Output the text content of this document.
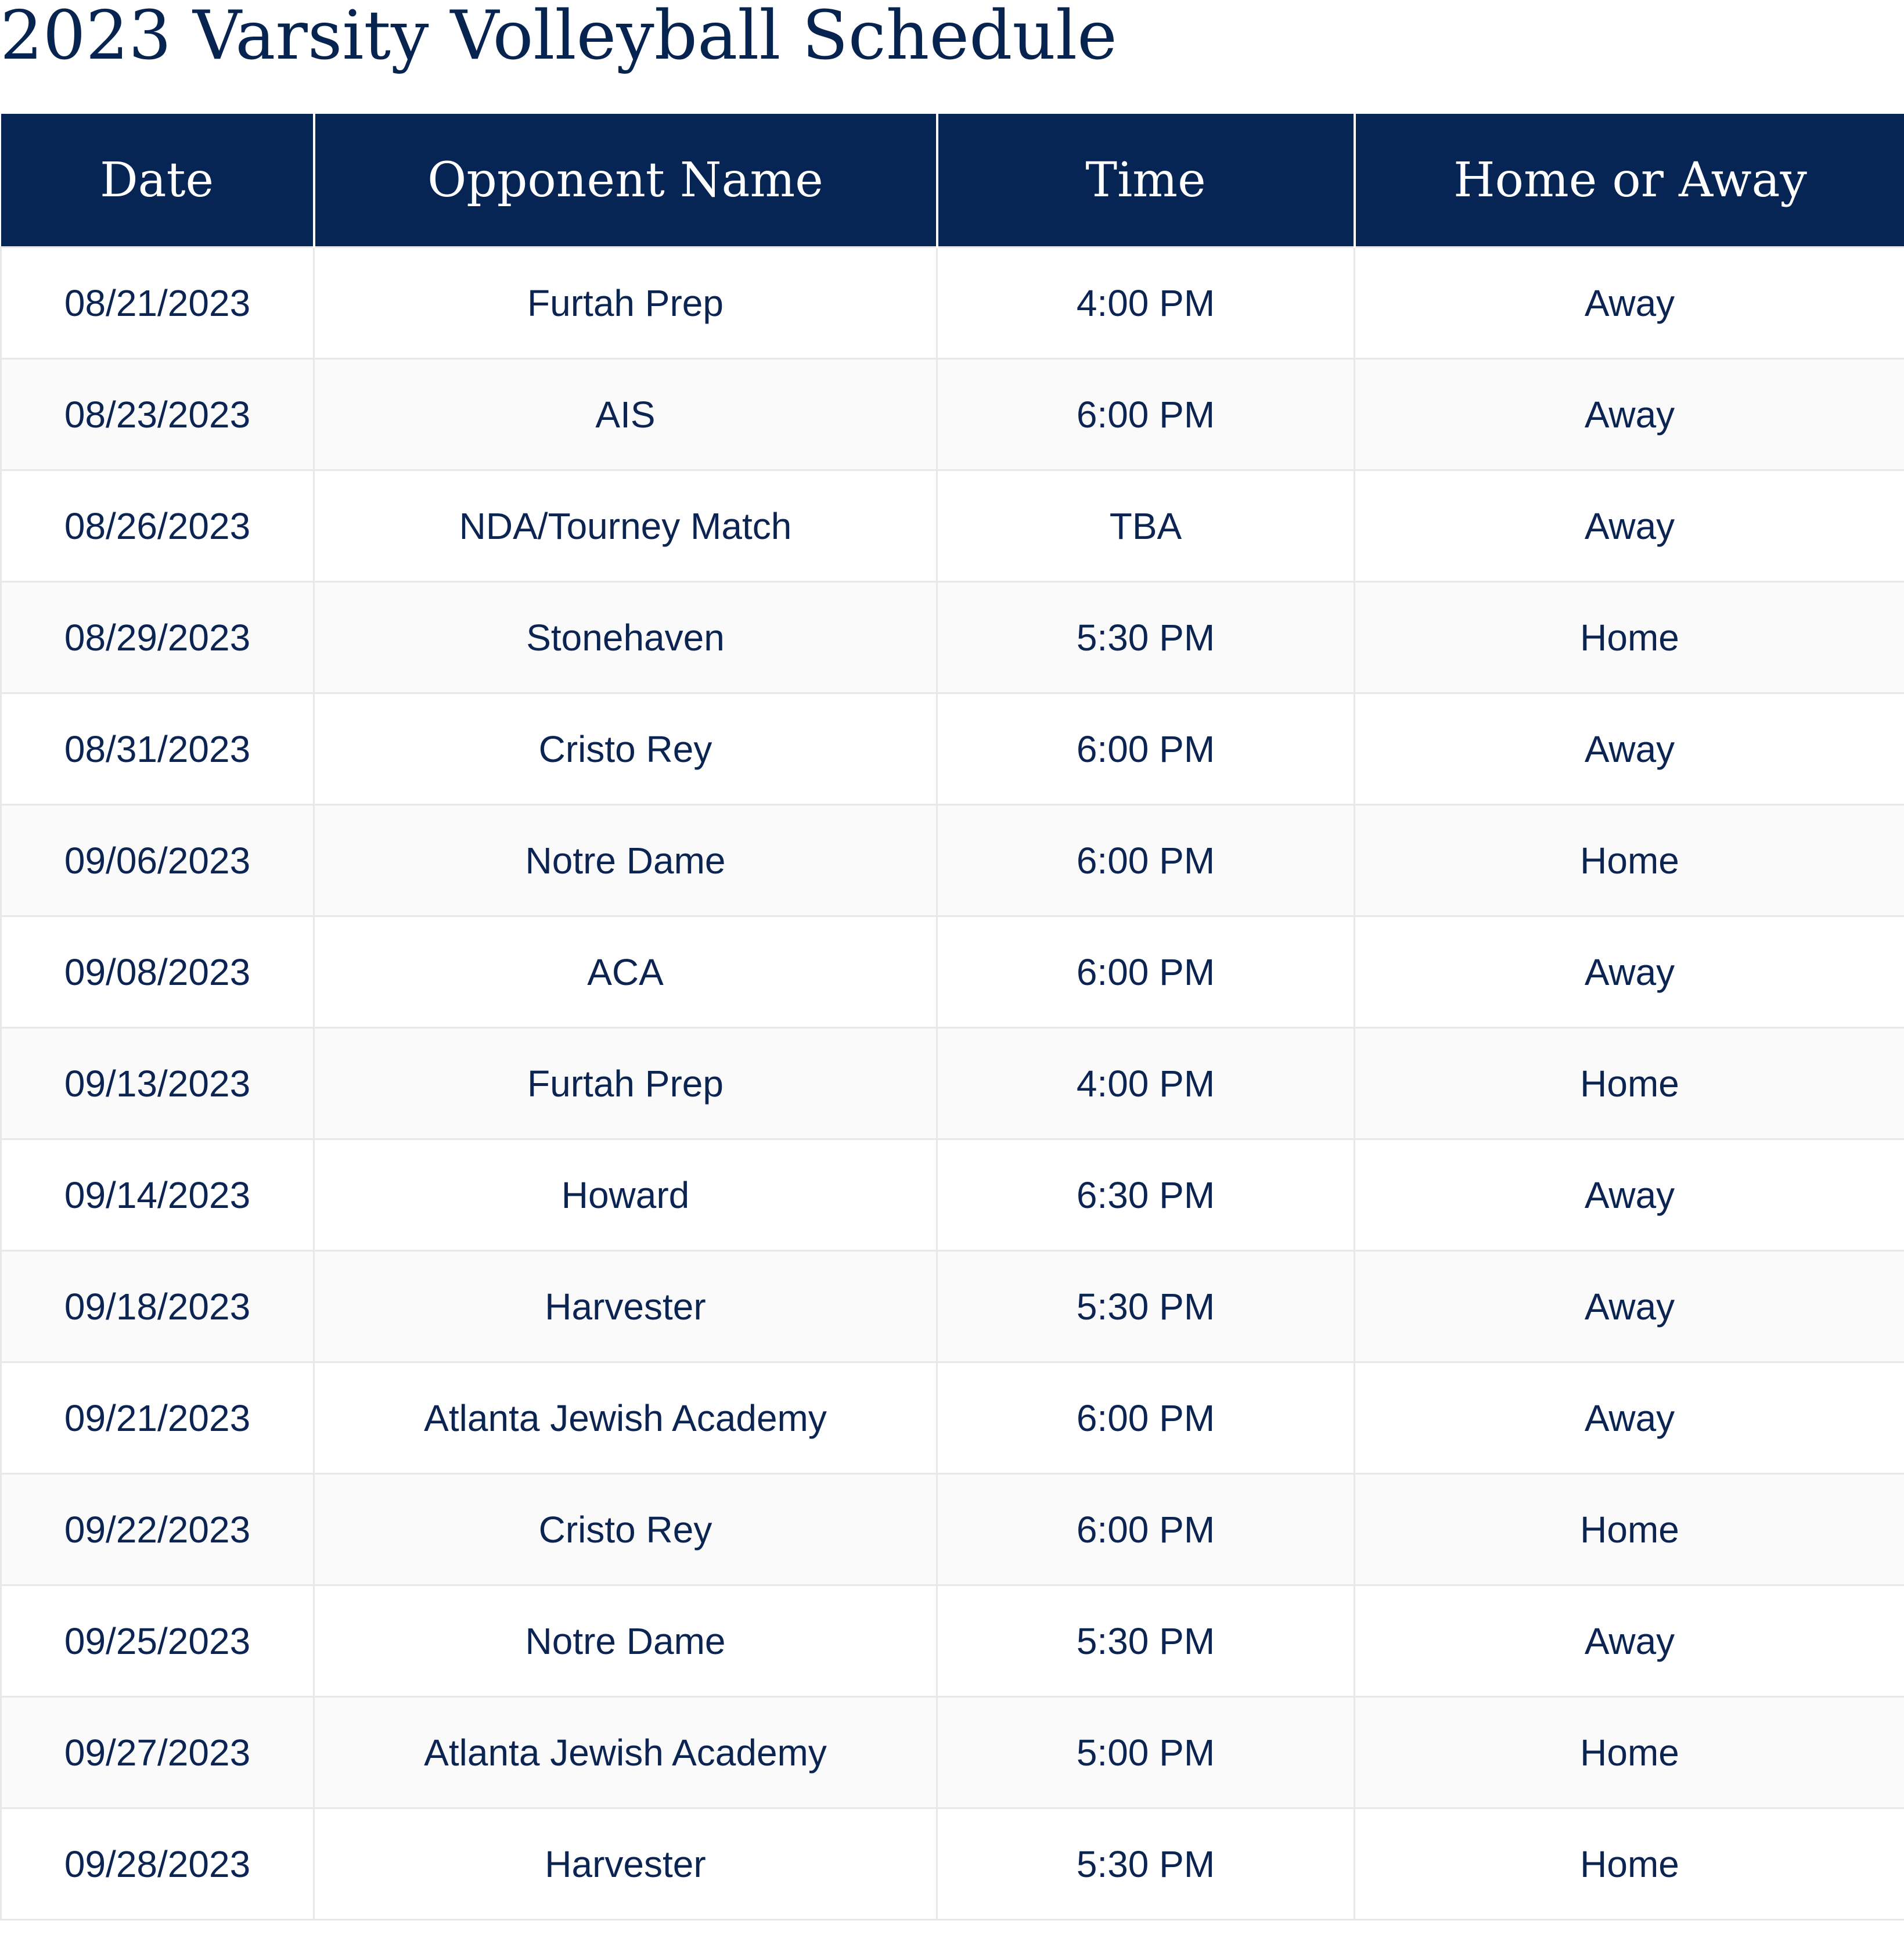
2023 Varsity Volleyball Schedule
Date	Opponent Name	Time	Home or Away
08/21/2023	Furtah Prep	4:00 PM	Away
08/23/2023	AIS	6:00 PM	Away
08/26/2023	NDA/Tourney Match	TBA	Away
08/29/2023	Stonehaven	5:30 PM	Home
08/31/2023	Cristo Rey	6:00 PM	Away
09/06/2023	Notre Dame	6:00 PM	Home
09/08/2023	ACA	6:00 PM	Away
09/13/2023	Furtah Prep	4:00 PM	Home
09/14/2023	Howard	6:30 PM	Away
09/18/2023	Harvester	5:30 PM	Away
09/21/2023	Atlanta Jewish Academy	6:00 PM	Away
09/22/2023	Cristo Rey	6:00 PM	Home
09/25/2023	Notre Dame	5:30 PM	Away
09/27/2023	Atlanta Jewish Academy	5:00 PM	Home
09/28/2023	Harvester	5:30 PM	Home
